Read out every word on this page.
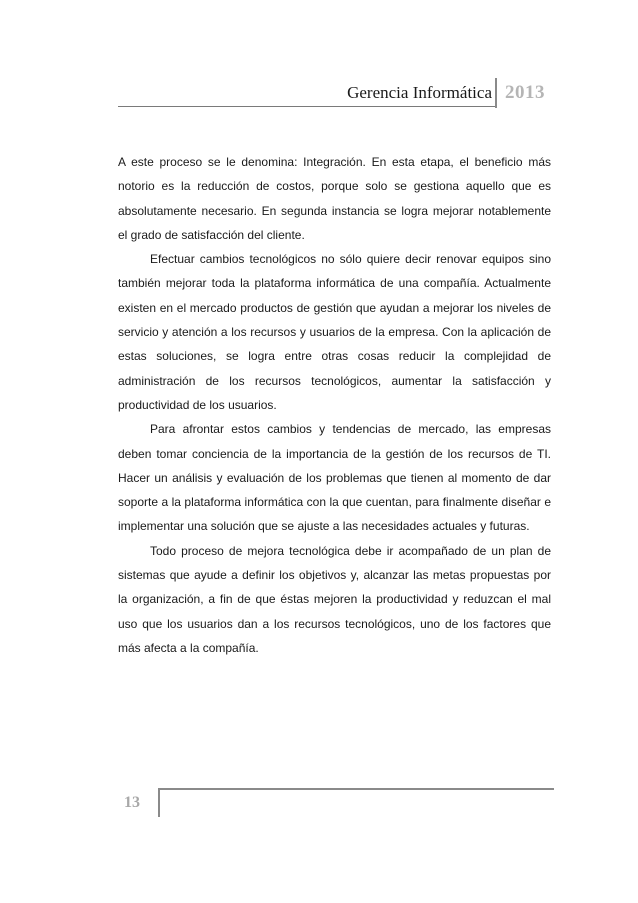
Gerencia Informática 2013

A este proceso se le denomina: Integración. En esta etapa, el beneficio más notorio es la reducción de costos, porque solo se gestiona aquello que es absolutamente necesario. En segunda instancia se logra mejorar notablemente el grado de satisfacción del cliente.

Efectuar cambios tecnológicos no sólo quiere decir renovar equipos sino también mejorar toda la plataforma informática de una compañía. Actualmente existen en el mercado productos de gestión que ayudan a mejorar los niveles de servicio y atención a los recursos y usuarios de la empresa. Con la aplicación de estas soluciones, se logra entre otras cosas reducir la complejidad de administración de los recursos tecnológicos, aumentar la satisfacción y productividad de los usuarios.

Para afrontar estos cambios y tendencias de mercado, las empresas deben tomar conciencia de la importancia de la gestión de los recursos de TI. Hacer un análisis y evaluación de los problemas que tienen al momento de dar soporte a la plataforma informática con la que cuentan, para finalmente diseñar e implementar una solución que se ajuste a las necesidades actuales y futuras.

Todo proceso de mejora tecnológica debe ir acompañado de un plan de sistemas que ayude a definir los objetivos y, alcanzar las metas propuestas por la organización, a fin de que éstas mejoren la productividad y reduzcan el mal uso que los usuarios dan a los recursos tecnológicos, uno de los factores que más afecta a la compañía.

13
